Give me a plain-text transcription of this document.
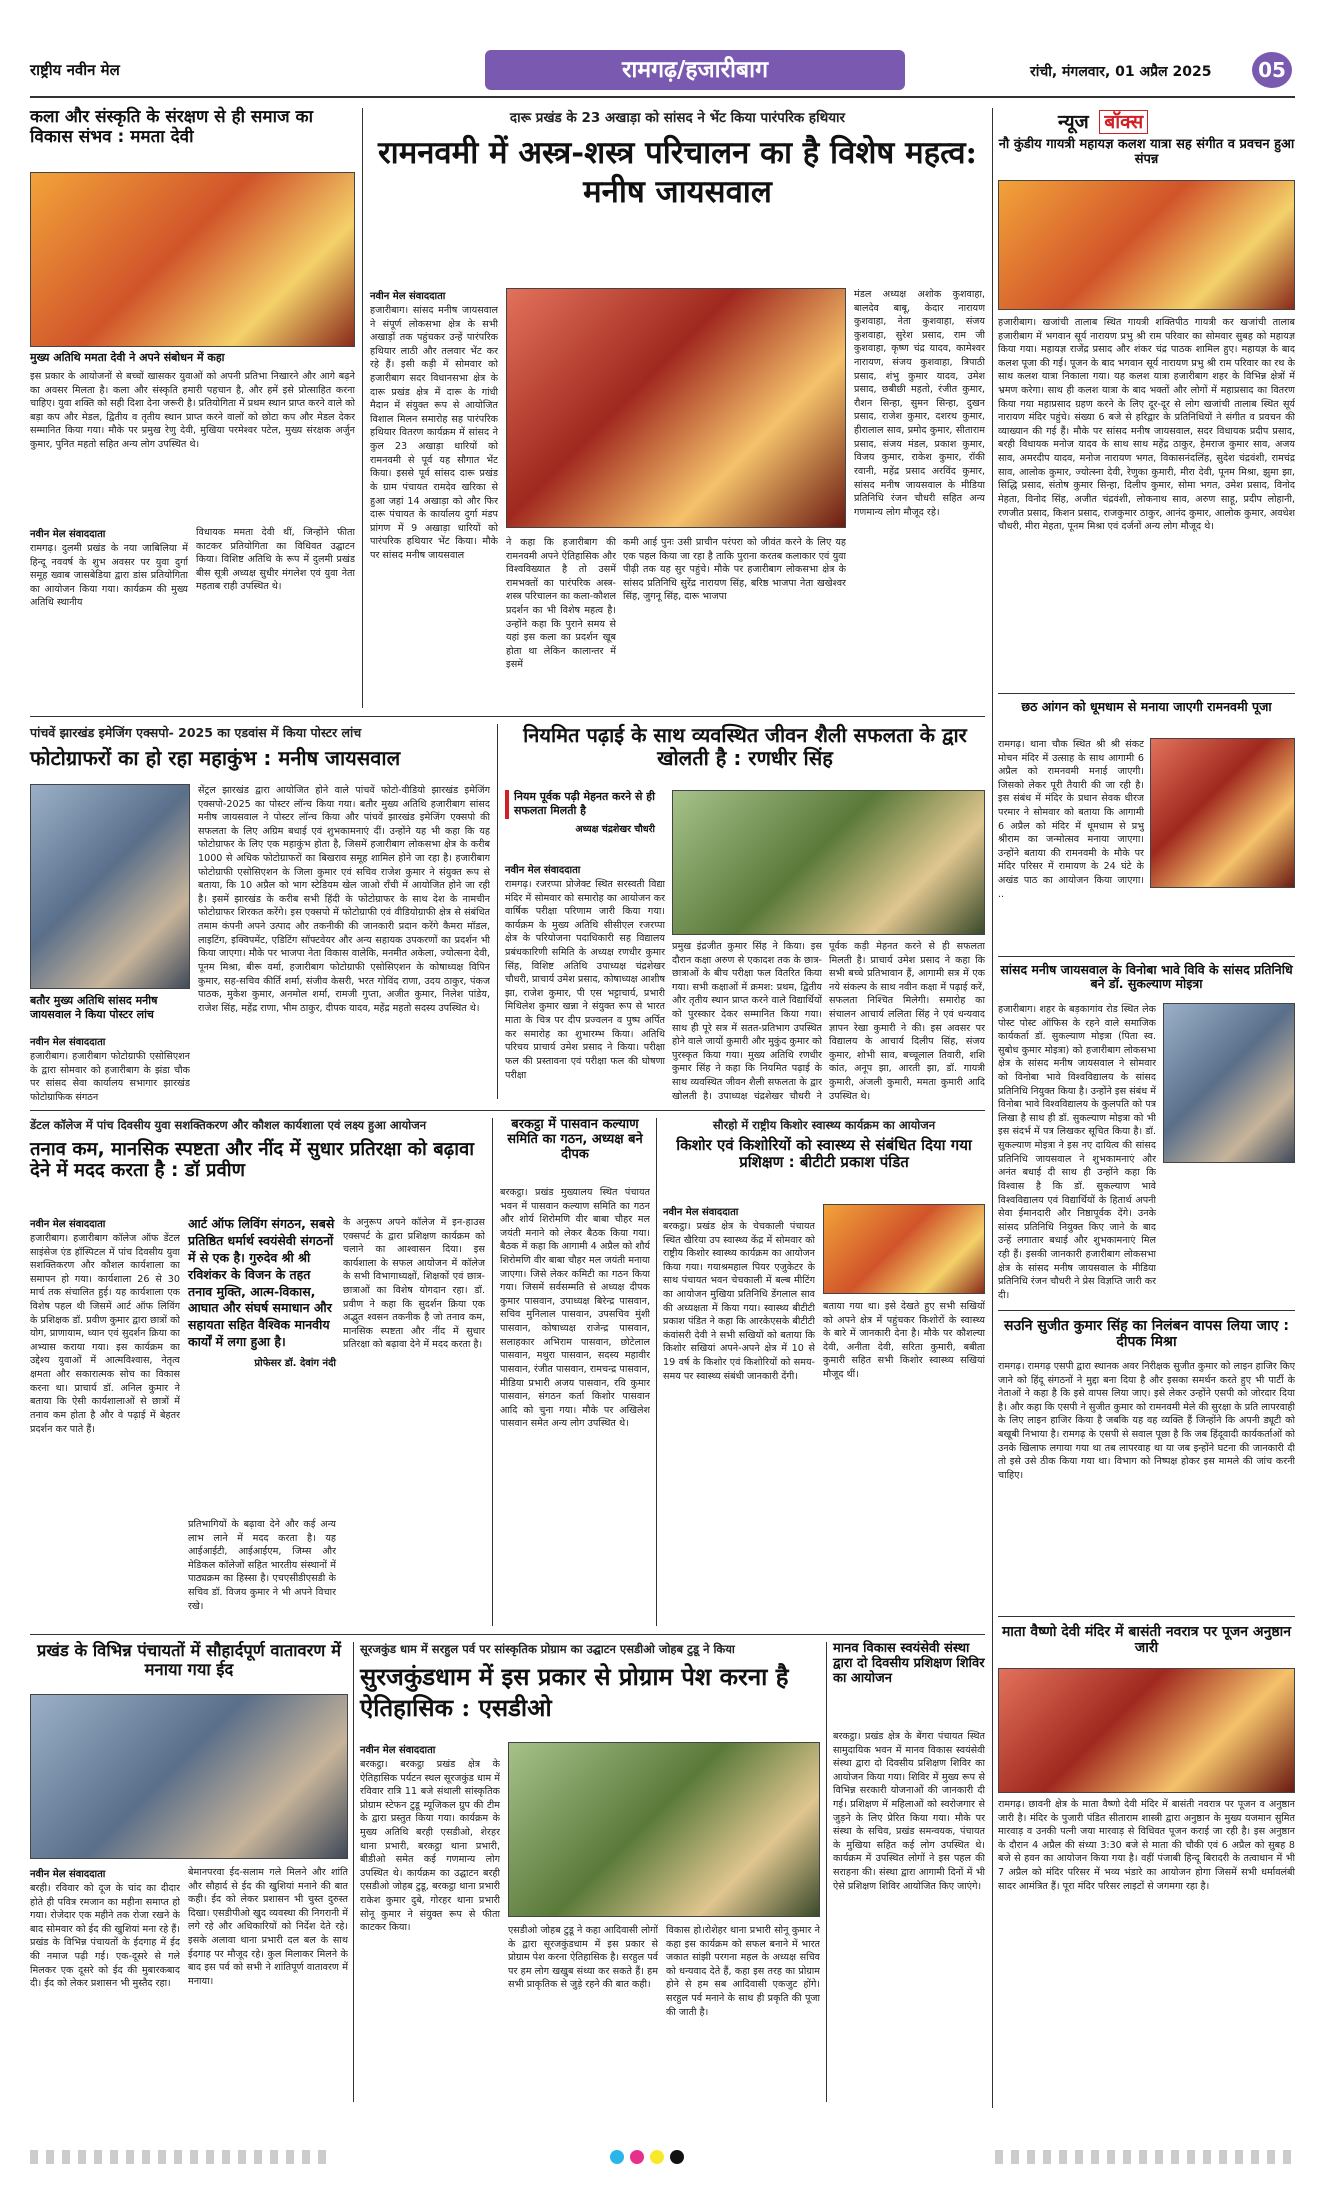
राष्ट्रीय नवीन मेल	रामगढ़/हजारीबाग	रांची, मंगलवार, 01 अप्रैल 2025	05
कला और संस्कृति के संरक्षण से ही समाज का विकास संभव : ममता देवी
मुख्य अतिथि ममता देवी ने अपने संबोधन में कहा
इस प्रकार के आयोजनों से बच्चों खासकर युवाओं को अपनी प्रतिभा निखारने और आगे बढ़ने का अवसर मिलता है। कला और संस्कृति हमारी पहचान है, और हमें इसे प्रोत्साहित करना चाहिए। युवा शक्ति को सही दिशा देना जरूरी है। प्रतियोगिता में प्रथम स्थान प्राप्त करने वाले को बड़ा कप और मेडल, द्वितीय व तृतीय स्थान प्राप्त करने वालों को छोटा कप और मेडल देकर सम्मानित किया गया। मौके पर प्रमुख रेणु देवी, मुखिया परमेश्वर पटेल, मुख्य संरक्षक अर्जुन कुमार, पुनित महतो सहित अन्य लोग उपस्थित थे।
नवीन मेल संवाददाता
रामगढ़। दुलमी प्रखंड के नया जाबिलिया में हिन्दू नववर्ष के शुभ अवसर पर युवा दुर्गा समूह ख्वाब जासबेडिया द्वारा डांस प्रतियोगिता का आयोजन किया गया। कार्यक्रम की मुख्य अतिथि स्थानीय
विधायक ममता देवी थीं, जिन्होंने फीता काटकर प्रतियोगिता का विधिवत उद्घाटन किया। विशिष्ट अतिथि के रूप में दुलमी प्रखंड बीस सूत्री अध्यक्ष सुधीर मंगलेश एवं युवा नेता महताब राही उपस्थित थे।
दारू प्रखंड के 23 अखाड़ा को सांसद ने भेंट किया पारंपरिक हथियार
रामनवमी में अस्त्र-शस्त्र परिचालन का है विशेष महत्व: मनीष जायसवाल
नवीन मेल संवाददाता
हजारीबाग। सांसद मनीष जायसवाल ने संपूर्ण लोकसभा क्षेत्र के सभी अखाड़ों तक पहुंचकर उन्हें पारंपरिक हथियार लाठी और तलवार भेंट कर रहे हैं। इसी कड़ी में सोमवार को हजारीबाग सदर विधानसभा क्षेत्र के दारू प्रखंड क्षेत्र में दारू के गांधी मैदान में संयुक्त रूप से आयोजित विशाल मिलन समारोह सह पारंपरिक हथियार वितरण कार्यक्रम में सांसद ने कुल 23 अखाड़ा धारियों को रामनवमी से पूर्व यह सौगात भेंट किया। इससे पूर्व सांसद दारू प्रखंड के ग्राम पंचायत रामदेव खरिका से हुआ जहां 14 अखाड़ा को और फिर दारू पंचायत के कार्यालय दुर्गा मंडप प्रांगण में 9 अखाड़ा धारियों को पारंपरिक हथियार भेंट किया। मौके पर सांसद मनीष जायसवाल
ने कहा कि हजारीबाग की रामनवमी अपने ऐतिहासिक और विश्वविख्यात है तो उसमें रामभक्तों का पारंपरिक अस्त्र-शस्त्र परिचालन का कला-कौशल प्रदर्शन का भी विशेष महत्व है। उन्होंने कहा कि पुराने समय से यहां इस कला का प्रदर्शन खूब होता था लेकिन कालान्तर में इसमें
कमी आई पुनः उसी प्राचीन परंपरा को जीवंत करने के लिए यह एक पहल किया जा रहा है ताकि पुराना करतब कलाकार एवं युवा पीढ़ी तक यह सुर पहुंचे। मौके पर हजारीबाग लोकसभा क्षेत्र के सांसद प्रतिनिधि सुरेंद्र नारायण सिंह, बरिष्ठ भाजपा नेता खखेश्वर सिंह, जुगनू सिंह, दारू भाजपा
मंडल अध्यक्ष अशोक कुशवाहा, बालदेव बाबू, केदार नारायण कुशवाहा, नेता कुशवाहा, संजय कुशवाहा, सुरेश प्रसाद, राम जी कुशवाहा, कृष्ण चंद्र यादव, कामेश्वर नारायण, संजय कुशवाहा, त्रिपाठी प्रसाद, शंभु कुमार यादव, उमेश प्रसाद, छबीछी महतो, रंजीत कुमार, रौशन सिन्हा, सुमन सिन्हा, दुखन प्रसाद, राजेश कुमार, दशरथ कुमार, हीरालाल साव, प्रमोद कुमार, सीताराम प्रसाद, संजय मंडल, प्रकाश कुमार, विजय कुमार, राकेश कुमार, रॉकी रवानी, महेंद्र प्रसाद अरविंद कुमार, सांसद मनीष जायसवाल के मीडिया प्रतिनिधि रंजन चौधरी सहित अन्य गणमान्य लोग मौजूद रहे।
न्यूज बॉक्स
नौ कुंडीय गायत्री महायज्ञ कलश यात्रा सह संगीत व प्रवचन हुआ संपन्न
हजारीबाग। खजांची तालाब स्थित गायत्री शक्तिपीठ गायत्री कर खजांची तालाब हजारीबाग में भगवान सूर्य नारायण प्रभु श्री राम परिवार का सोमवार सुबह को महायज्ञ किया गया। महायज्ञ राजेंद्र प्रसाद और शंकर चंद्र पाठक शामिल हुए। महायज्ञ के बाद कलश पूजा की गई। पूजन के बाद भगवान सूर्य नारायण प्रभु श्री राम परिवार का रथ के साथ कलश यात्रा निकाला गया। यह कलश यात्रा हजारीबाग शहर के विभिन्न क्षेत्रों में भ्रमण करेगा। साथ ही कलश यात्रा के बाद भक्तों और लोगों में महाप्रसाद का वितरण किया गया महाप्रसाद ग्रहण करने के लिए दूर-दूर से लोग खजांची तालाब स्थित सूर्य नारायण मंदिर पहुंचे। संख्या 6 बजे से हरिद्वार के प्रतिनिधियों ने संगीत व प्रवचन की व्याख्यान की गई हैं। मौके पर सांसद मनीष जायसवाल, सदर विधायक प्रदीप प्रसाद, बरही विधायक मनोज यादव के साथ साथ महेंद्र ठाकुर, हेमराज कुमार साव, अजय साव, अमरदीप यादव, मनोज नारायण भगत, विकासनंदलिंह, सुदेश चंद्रवंशी, रामचंद्र साव, आलोक कुमार, ज्योत्स्ना देवी, रेणुका कुमारी, मीरा देवी, पूनम मिश्रा, झुमा झा, सिद्धि प्रसाद, संतोष कुमार सिन्हा, दिलीप कुमार, सोमा भगत, उमेश प्रसाद, विनोद मेहता, विनोद सिंह, अजीत चंद्रवंशी, लोकनाथ साव, अरुण साहू, प्रदीप लोहानी, रणजीत प्रसाद, किशन प्रसाद, राजकुमार ठाकुर, आनंद कुमार, आलोक कुमार, अवधेश चौधरी, मीरा मेहता, पूनम मिश्रा एवं दर्जनों अन्य लोग मौजूद थे।
छठ आंगन को धूमधाम से मनाया जाएगी रामनवमी पूजा
रामगढ़। थाना चौक स्थित श्री श्री संकट मोचन मंदिर में उत्साह के साथ आगामी 6 अप्रैल को रामनवमी मनाई जाएगी। जिसको लेकर पूरी तैयारी की जा रही है। इस संबंध में मंदिर के प्रधान सेवक धीरज परमार ने सोमवार को बताया कि आगामी 6 अप्रैल को मंदिर में धूमधाम से प्रभु श्रीराम का जन्मोत्सव मनाया जाएगा। उन्होंने बताया की रामनवमी के मौके पर मंदिर परिसर में रामायण के 24 घंटे के अखंड पाठ का आयोजन किया जाएगा।
..
सांसद मनीष जायसवाल के विनोबा भावे विवि के सांसद प्रतिनिधि बने डॉ. सुकल्याण मोइत्रा
हजारीबाग। शहर के बड़कागांव रोड स्थित लेक पोस्ट पोस्ट ऑफिस के रहने वाले समाजिक कार्यकर्ता डॉ. सुकल्याण मोइत्रा (पिता स्व. सुबोध कुमार मोइत्रा) को हजारीबाग लोकसभा क्षेत्र के सांसद मनीष जायसवाल ने सोमवार को विनोबा भावे विश्वविद्यालय के सांसद प्रतिनिधि नियुक्त किया है। उन्होंने इस संबंध में विनोबा भावे विश्वविद्यालय के कुलपति को पत्र लिखा है साथ ही डॉ. सुकल्याण मोइत्रा को भी इस संदर्भ में पत्र लिखकर सूचित किया है। डॉ. सुकल्याण मोइत्रा ने इस नए दायित्व की सांसद प्रतिनिधि जायसवाल ने शुभकामनाएं और अनंत बधाई दी साथ ही उन्होंने कहा कि विश्वास है कि डॉ. सुकल्याण भावे विश्वविद्यालय एवं विद्यार्थियों के हितार्थ अपनी सेवा ईमानदारी और निष्ठापूर्वक देंगे। उनके सांसद प्रतिनिधि नियुक्त किए जाने के बाद उन्हें लगातार बधाई और शुभकामनाएं मिल रही हैं। इसकी जानकारी हजारीबाग लोकसभा क्षेत्र के सांसद मनीष जायसवाल के मीडिया प्रतिनिधि रंजन चौधरी ने प्रेस विज्ञप्ति जारी कर दी।
सउनि सुजीत कुमार सिंह का निलंबन वापस लिया जाए : दीपक मिश्रा
रामगढ़। रामगढ़ एसपी द्वारा स्थानक अवर निरीक्षक सुजीत कुमार को लाइन हाजिर किए जाने को हिंदू संगठनों ने मुद्दा बना दिया है और इसका समर्थन करते हुए भी पार्टी के नेताओं ने कहा है कि इसे वापस लिया जाए। इसे लेकर उन्होंने एसपी को जोरदार दिया है। और कहा कि एसपी ने सुजीत कुमार को रामनवमी मेले की सुरक्षा के प्रति लापरवाही के लिए लाइन हाजिर किया है जबकि यह वह व्यक्ति हैं जिन्होंने कि अपनी ड्यूटी को बखूबी निभाया है। रामगढ़ के एसपी से सवाल पूछा है कि जब हिंदूवादी कार्यकर्ताओं को उनके खिलाफ लगाया गया था तब लापरवाह था या जब इन्होंने घटना की जानकारी दी तो इसे उसे ठीक किया गया था। विभाग को निष्पक्ष होकर इस मामले की जांच करनी चाहिए।
माता वैष्णो देवी मंदिर में बासंती नवरात्र पर पूजन अनुष्ठान जारी
रामगढ़। छावनी क्षेत्र के माता वैष्णो देवी मंदिर में बासंती नवरात्र पर पूजन व अनुष्ठान जारी है। मंदिर के पुजारी पंडित सीताराम शास्त्री द्वारा अनुष्ठान के मुख्य यजमान सुमित मारवाड़ व उनकी पत्नी जया मारवाड़ से विधिवत पूजन कराई जा रही है। इस अनुष्ठान के दौरान 4 अप्रैल की संध्या 3:30 बजे से माता की चौकी एवं 6 अप्रैल को सुबह 8 बजे से हवन का आयोजन किया गया है। वहीं पंजाबी हिन्दू बिरादरी के तत्वाधान में भी 7 अप्रैल को मंदिर परिसर में भव्य भंडारे का आयोजन होगा जिसमें सभी धर्मावलंबी सादर आमंत्रित हैं। पूरा मंदिर परिसर लाइटों से जगमगा रहा है।
पांचवें झारखंड इमेजिंग एक्सपो- 2025 का एडवांस में किया पोस्टर लांच
फोटोग्राफरों का हो रहा महाकुंभ : मनीष जायसवाल
बतौर मुख्य अतिथि सांसद मनीष जायसवाल ने किया पोस्टर लांच
नवीन मेल संवाददाता
हजारीबाग। हजारीबाग फोटोग्राफी एसोसिएशन के द्वारा सोमवार को हजारीबाग के झंडा चौक पर सांसद सेवा कार्यालय सभागार झारखंड फोटोग्राफिक संगठन
सेंट्रल झारखंड द्वारा आयोजित होने वाले पांचवें फोटो-वीडियो झारखंड इमेजिंग एक्सपो-2025 का पोस्टर लॉन्च किया गया। बतौर मुख्य अतिथि हजारीबाग सांसद मनीष जायसवाल ने पोस्टर लॉन्च किया और पांचवें झारखंड इमेजिंग एक्सपो की सफलता के लिए अग्रिम बधाई एवं शुभकामनाएं दीं। उन्होंने यह भी कहा कि यह फोटोग्राफर के लिए एक महाकुंभ होता है, जिसमें हजारीबाग लोकसभा क्षेत्र के करीब 1000 से अधिक फोटोग्राफरों का बिखराव समूह शामिल होने जा रहा है। हजारीबाग फोटोग्राफी एसोसिएशन के जिला कुमार एवं सचिव राजेश कुमार ने संयुक्त रूप से बताया, कि 10 अप्रैल को भाग स्टेडियम खेल जाओ राँची में आयोजित होने जा रही है। इसमें झारखंड के करीब सभी हिंदी के फोटोग्राफर के साथ देश के नामचीन फोटोग्राफर शिरकत करेंगे। इस एक्सपो में फोटोग्राफी एवं वीडियोग्राफी क्षेत्र से संबंधित तमाम कंपनी अपने उत्पाद और तकनीकी की जानकारी प्रदान करेंगे कैमरा मॉडल, लाइटिंग, इक्विपमेंट, एडिटिंग सॉफ्टवेयर और अन्य सहायक उपकरणों का प्रदर्शन भी किया जाएगा। मौके पर भाजपा नेता विकास वालेकि, मनमीत अकेला, ज्योत्सना देवी, पूनम मिश्रा, बीरू वर्मा, हजारीबाग फोटोग्राफी एसोसिएशन के कोषाध्यक्ष विपिन कुमार, सह-सचिव कीर्ति शर्मा, संजीव केसरी, भरत गोविंद राणा, उदय ठाकुर, पंकज पाठक, मुकेश कुमार, अनमोल शर्मा, रामजी गुप्ता, अजीत कुमार, निलेश पांडेय, राजेश सिंह, महेंद्र राणा, भीम ठाकुर, दीपक यादव, महेंद्र महतो सदस्य उपस्थित थे।
नियमित पढ़ाई के साथ व्यवस्थित जीवन शैली सफलता के द्वार खोलती है : रणधीर सिंह
नियम पूर्वक पढ़ी मेहनत करने से ही सफलता मिलती है
अध्यक्ष चंद्रशेखर चौधरी
नवीन मेल संवाददाता
रामगढ़। रजरप्पा प्रोजेक्ट स्थित सरस्वती विद्या मंदिर में सोमवार को समारोह का आयोजन कर वार्षिक परीक्षा परिणाम जारी किया गया। कार्यक्रम के मुख्य अतिथि सीसीएल रजरप्पा क्षेत्र के परियोजना पदाधिकारी सह विद्यालय प्रबंधकारिणी समिति के अध्यक्ष रणधीर कुमार सिंह, विशिष्ट अतिथि उपाध्यक्ष चंद्रशेखर चौधरी, प्राचार्य उमेश प्रसाद, कोषाध्यक्ष आशीष झा, राजेश कुमार, पी एस भट्टाचार्य, प्रभारी मिथिलेश कुमार खन्ना ने संयुक्त रूप से भारत माता के चित्र पर दीप प्रज्वलन व पुष्प अर्पित कर समारोह का शुभारम्भ किया। अतिथि परिचय प्राचार्य उमेश प्रसाद ने किया। परीक्षा फल की प्रस्तावना एवं परीक्षा फल की घोषणा परीक्षा
प्रमुख इंद्रजीत कुमार सिंह ने किया। इस दौरान कक्षा अरुण से एकादश तक के छात्र-छात्राओं के बीच परीक्षा फल वितरित किया गया। सभी कक्षाओं में क्रमश: प्रथम, द्वितीय और तृतीय स्थान प्राप्त करने वाले विद्यार्थियों को पुरस्कार देकर सम्मानित किया गया। साथ ही पूरे सत्र में सतत-प्रतिभाग उपस्थित होने वाले जायों कुमारी और मुकुंद कुमार को पुरस्कृत किया गया। मुख्य अतिथि रणधीर कुमार सिंह ने कहा कि नियमित पढ़ाई के साथ व्यवस्थित जीवन शैली सफलता के द्वार खोलती है। उपाध्यक्ष चंद्रशेखर चौधरी ने
पूर्वक कड़ी मेहनत करने से ही सफलता मिलती है। प्राचार्य उमेश प्रसाद ने कहा कि सभी बच्चे प्रतिभावान हैं, आगामी सत्र में एक नये संकल्प के साथ नवीन कक्षा में पढ़ाई करें, सफलता निश्चित मिलेगी। समारोह का संचालन आचार्य ललिता सिंह ने एवं धन्यवाद ज्ञापन रेखा कुमारी ने की। इस अवसर पर विद्यालय के आचार्य दिलीप सिंह, संजय कुमार, शोभी साव, बच्चूलाल तिवारी, शशि कांत, अनूप झा, आरती झा, डॉ. गायत्री कुमारी, अंजली कुमारी, ममता कुमारी आदि उपस्थित थे।
डेंटल कॉलेज में पांच दिवसीय युवा सशक्तिकरण और कौशल कार्यशाला एवं लक्ष्य हुआ आयोजन
तनाव कम, मानसिक स्पष्टता और नींद में सुधार प्रतिरक्षा को बढ़ावा देने में मदद करता है : डॉ प्रवीण
नवीन मेल संवाददाता
हजारीबाग। हजारीबाग कॉलेज ऑफ डेंटल साइंसेज एंड हॉस्पिटल में पांच दिवसीय युवा सशक्तिकरण और कौशल कार्यशाला का समापन हो गया। कार्यशाला 26 से 30 मार्च तक संचालित हुई। यह कार्यशाला एक विशेष पहल थी जिसमें आर्ट ऑफ लिविंग के प्रशिक्षक डॉ. प्रवीण कुमार द्वारा छात्रों को योग, प्राणायाम, ध्यान एवं सुदर्शन क्रिया का अभ्यास कराया गया। इस कार्यक्रम का उद्देश्य युवाओं में आत्मविश्वास, नेतृत्व क्षमता और सकारात्मक सोच का विकास करना था। प्राचार्य डॉ. अनिल कुमार ने बताया कि ऐसी कार्यशालाओं से छात्रों में तनाव कम होता है और वे पढ़ाई में बेहतर प्रदर्शन कर पाते हैं।
आर्ट ऑफ लिविंग संगठन, सबसे प्रतिष्ठित धर्मार्थ स्वयंसेवी संगठनों में से एक है। गुरुदेव श्री श्री रविशंकर के विजन के तहत तनाव मुक्ति, आत्म-विकास, आघात और संघर्ष समाधान और सहायता सहित वैश्विक मानवीय कार्यों में लगा हुआ है।
प्रोफेसर डॉ. देवांग नंदी
प्रतिभागियों के बढ़ावा देने और कई अन्य लाभ लाने में मदद करता है। यह आईआईटी, आईआईएम, जिम्स और मेडिकल कॉलेजों सहित भारतीय संस्थानों में पाठ्यक्रम का हिस्सा है। एचएसीडीएसडी के सचिव डॉ. विजय कुमार ने भी अपने विचार रखे।
के अनुरूप अपने कॉलेज में इन-हाउस एक्सपर्ट के द्वारा प्रशिक्षण कार्यक्रम को चलाने का आश्वासन दिया। इस कार्यशाला के सफल आयोजन में कॉलेज के सभी विभागाध्यक्षों, शिक्षकों एवं छात्र-छात्राओं का विशेष योगदान रहा। डॉ. प्रवीण ने कहा कि सुदर्शन क्रिया एक अद्भुत श्वसन तकनीक है जो तनाव कम, मानसिक स्पष्टता और नींद में सुधार प्रतिरक्षा को बढ़ावा देने में मदद करता है।
बरकट्ठा में पासवान कल्याण समिति का गठन, अध्यक्ष बने दीपक
बरकट्ठा। प्रखंड मुख्यालय स्थित पंचायत भवन में पासवान कल्याण समिति का गठन और शोर्य शिरोमणि वीर बाबा चौहर मल जयंती मनाने को लेकर बैठक किया गया। बैठक में कहा कि आगामी 4 अप्रैल को शौर्य शिरोमणि वीर बाबा चौहर मल जयंती मनाया जाएगा। जिसे लेकर कमिटी का गठन किया गया। जिसमें सर्वसम्मति से अध्यक्ष दीपक कुमार पासवान, उपाध्यक्ष बिरेन्द्र पासवान, सचिव मुनिलाल पासवान, उपसचिव मुंशी पासवान, कोषाध्यक्ष राजेन्द्र पासवान, सलाहकार अभिराम पासवान, छोटेलाल पासवान, मथुरा पासवान, सदस्य महावीर पासवान, रंजीत पासवान, रामचन्द्र पासवान, मीडिया प्रभारी अजय पासवान, रवि कुमार पासवान, संगठन कर्ता किशोर पासवान आदि को चुना गया। मौके पर अखिलेश पासवान समेत अन्य लोग उपस्थित थे।
सौरहो में राष्ट्रीय किशोर स्वास्थ्य कार्यक्रम का आयोजन
किशोर एवं किशोरियों को स्वास्थ्य से संबंधित दिया गया प्रशिक्षण : बीटीटी प्रकाश पंडित
नवीन मेल संवाददाता
बरकट्ठा। प्रखंड क्षेत्र के चेचकाली पंचायत स्थित खैरिया उप स्वास्थ्य केंद्र में सोमवार को राष्ट्रीय किशोर स्वास्थ्य कार्यक्रम का आयोजन किया गया। गयाश्रमहाल पियर एजुकेटर के साथ पंचायत भवन चेचकाली में बल्ब मीटिंग का आयोजन मुखिया प्रतिनिधि डेंगलाल साव की अध्यक्षता में किया गया। स्वास्थ्य बीटीटी प्रकाश पंडित ने कहा कि आरकेएसके बीटीटी कंवांसरी देवी ने सभी सखियों को बताया कि किशोर सखियां अपने-अपने क्षेत्र में 10 से 19 वर्ष के किशोर एवं किशोरियों को समय-समय पर स्वास्थ्य संबंधी जानकारी देंगी।
बताया गया था। इसे देखते हुए सभी सखियों को अपने क्षेत्र में पहुंचकर किशोरों के स्वास्थ्य के बारे में जानकारी देना है। मौके पर कौशल्या देवी, अनीता देवी, सरिता कुमारी, बबीता कुमारी सहित सभी किशोर स्वास्थ्य सखियां मौजूद थीं।
प्रखंड के विभिन्न पंचायतों में सौहार्दपूर्ण वातावरण में मनाया गया ईद
नवीन मेल संवाददाता
बरही। रविवार को दूज के चांद का दीदार होते ही पवित्र रमजान का महीना समाप्त हो गया। रोजेदार एक महीने तक रोजा रखने के बाद सोमवार को ईद की खुशियां मना रहे हैं। प्रखंड के विभिन्न पंचायतों के ईदगाह में ईद की नमाज पढ़ी गई। एक-दूसरे से गले मिलकर एक दूसरे को ईद की मुबारकबाद दी। ईद को लेकर प्रशासन भी मुस्तैद रहा।
बेमानपरवा ईद-सलाम गले मिलने और शांति और सौहार्द से ईद की खुशियां मनाने की बात कही। ईद को लेकर प्रशासन भी चुस्त दुरुस्त दिखा। एसडीपीओ खुद व्यवस्था की निगरानी में लगे रहे और अधिकारियों को निर्देश देते रहे। इसके अलावा थाना प्रभारी दल बल के साथ ईदगाह पर मौजूद रहे। कुल मिलाकर मिलने के बाद इस पर्व को सभी ने शांतिपूर्ण वातावरण में मनाया।
सूरजकुंड धाम में सरहुल पर्व पर सांस्कृतिक प्रोग्राम का उद्घाटन एसडीओ जोहब टुडू ने किया
सुरजकुंडधाम में इस प्रकार से प्रोग्राम पेश करना है ऐतिहासिक : एसडीओ
नवीन मेल संवाददाता
बरकट्ठा। बरकट्ठा प्रखंड क्षेत्र के ऐतिहासिक पर्यटन स्थल सूरजकुंड धाम में रविवार रात्रि 11 बजे संथाली सांस्कृतिक प्रोग्राम स्टेफन टुडू म्यूजिकल ग्रुप की टीम के द्वारा प्रस्तुत किया गया। कार्यक्रम के मुख्य अतिथि बरही एसडीओ, शेरहर थाना प्रभारी, बरकट्ठा थाना प्रभारी, बीडीओ समेत कई गणमान्य लोग उपस्थित थे। कार्यक्रम का उद्घाटन बरही एसडीओ जोहब टुडू, बरकट्ठा थाना प्रभारी राकेश कुमार दुबे, गोरहर थाना प्रभारी सोनू कुमार ने संयुक्त रूप से फीता काटकर किया।	एसडीओ जोहब टुडू ने कहा आदिवासी लोगों के द्वारा सूरजकुंडधाम में इस प्रकार से प्रोग्राम पेश करना ऐतिहासिक है। सरहुल पर्व पर हम लोग खखुब संथ्या कर सकते हैं। हम सभी प्राकृतिक से जुड़े रहने की बात कही।
विकास हो।रोशेहर थाना प्रभारी सोनू कुमार ने कहा इस कार्यक्रम को सफल बनाने में भारत जकात सांझी परगना महल के अध्यक्ष सचिव को धन्यवाद देते हैं, कहा इस तरह का प्रोग्राम होने से हम सब आदिवासी एकजुट होंगे। सरहुल पर्व मनाने के साथ ही प्रकृति की पूजा की जाती है।
मानव विकास स्वयंसेवी संस्था द्वारा दो दिवसीय प्रशिक्षण शिविर का आयोजन
बरकट्ठा। प्रखंड क्षेत्र के बेंगरा पंचायत स्थित सामुदायिक भवन में मानव विकास स्वयंसेवी संस्था द्वारा दो दिवसीय प्रशिक्षण शिविर का आयोजन किया गया। शिविर में मुख्य रूप से विभिन्न सरकारी योजनाओं की जानकारी दी गई। प्रशिक्षण में महिलाओं को स्वरोजगार से जुड़ने के लिए प्रेरित किया गया। मौके पर संस्था के सचिव, प्रखंड समन्वयक, पंचायत के मुखिया सहित कई लोग उपस्थित थे। कार्यक्रम में उपस्थित लोगों ने इस पहल की सराहना की। संस्था द्वारा आगामी दिनों में भी ऐसे प्रशिक्षण शिविर आयोजित किए जाएंगे।
